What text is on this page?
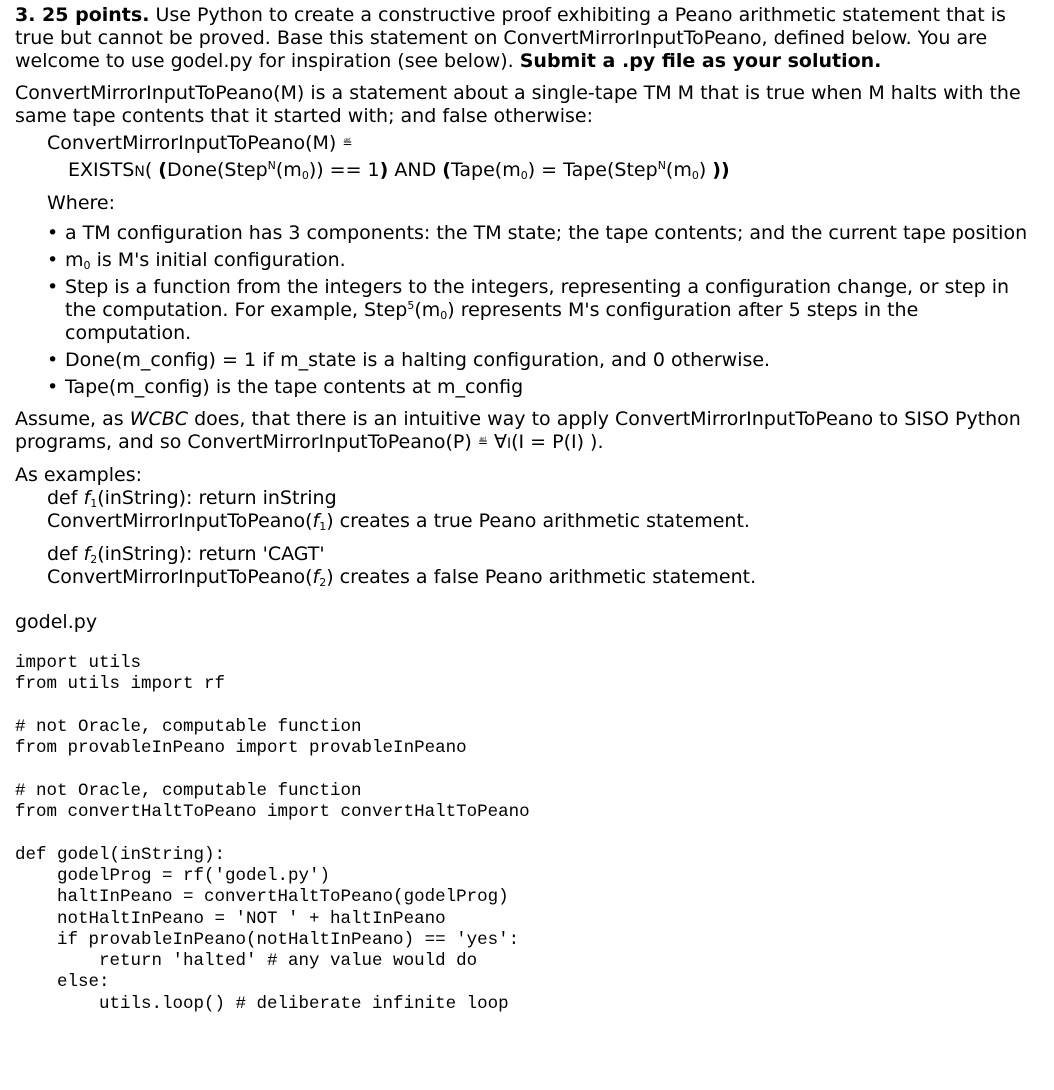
3. 25 points. Use Python to create a constructive proof exhibiting a Peano arithmetic statement that is true but cannot be proved. Base this statement on ConvertMirrorInputToPeano, defined below. You are welcome to use godel.py for inspiration (see below). Submit a .py file as your solution.

ConvertMirrorInputToPeano(M) is a statement about a single-tape TM M that is true when M halts with the same tape contents that it started with; and false otherwise:

ConvertMirrorInputToPeano(M) ≝

EXISTSN( $(Done(Step^N(m_0)) == 1)$ AND ($Tape(m_0)$ = $Tape(Step^N(m_0)$ ))

Where:

• a TM configuration has 3 components: the TM state; the tape contents; and the current tape position
• $m_0$ is M's initial configuration.
• Step is a function from the integers to the integers, representing a configuration change, or step in the computation. For example, $Step^5(m_0)$ represents M's configuration after 5 steps in the computation.
• Done(m_config) = 1 if m_state is a halting configuration, and 0 otherwise.
• Tape(m_config) is the tape contents at m_config

Assume, as WCBC does, that there is an intuitive way to apply ConvertMirrorInputToPeano to SISO Python programs, and so ConvertMirrorInputToPeano(P) ≝ ∀I(I = P(I) ).

As examples:

def $f_1(inString)$: return inString

$ConvertMirrorInputToPeano(f_1)$ creates a true Peano arithmetic statement.

def $f_2(inString)$: return 'CAGT'

$ConvertMirrorInputToPeano(f_2)$ creates a false Peano arithmetic statement.

godel.py

import utils
from utils import rf
# not Oracle, computable function
from provableInPeano import provableInPeano
# not Oracle, computable function
from convertHaltToPeano import convertHaltToPeano
def godel(inString):
godelProg = rf('godel.py')
haltInPeano = convertHaltToPeano(godelProg)
notHaltInPeano = 'NOT ' + haltInPeano
if provableInPeano(notHaltInPeano) == 'yes':
return 'halted' # any value would do
else:
utils.loop() # deliberate infinite loop
